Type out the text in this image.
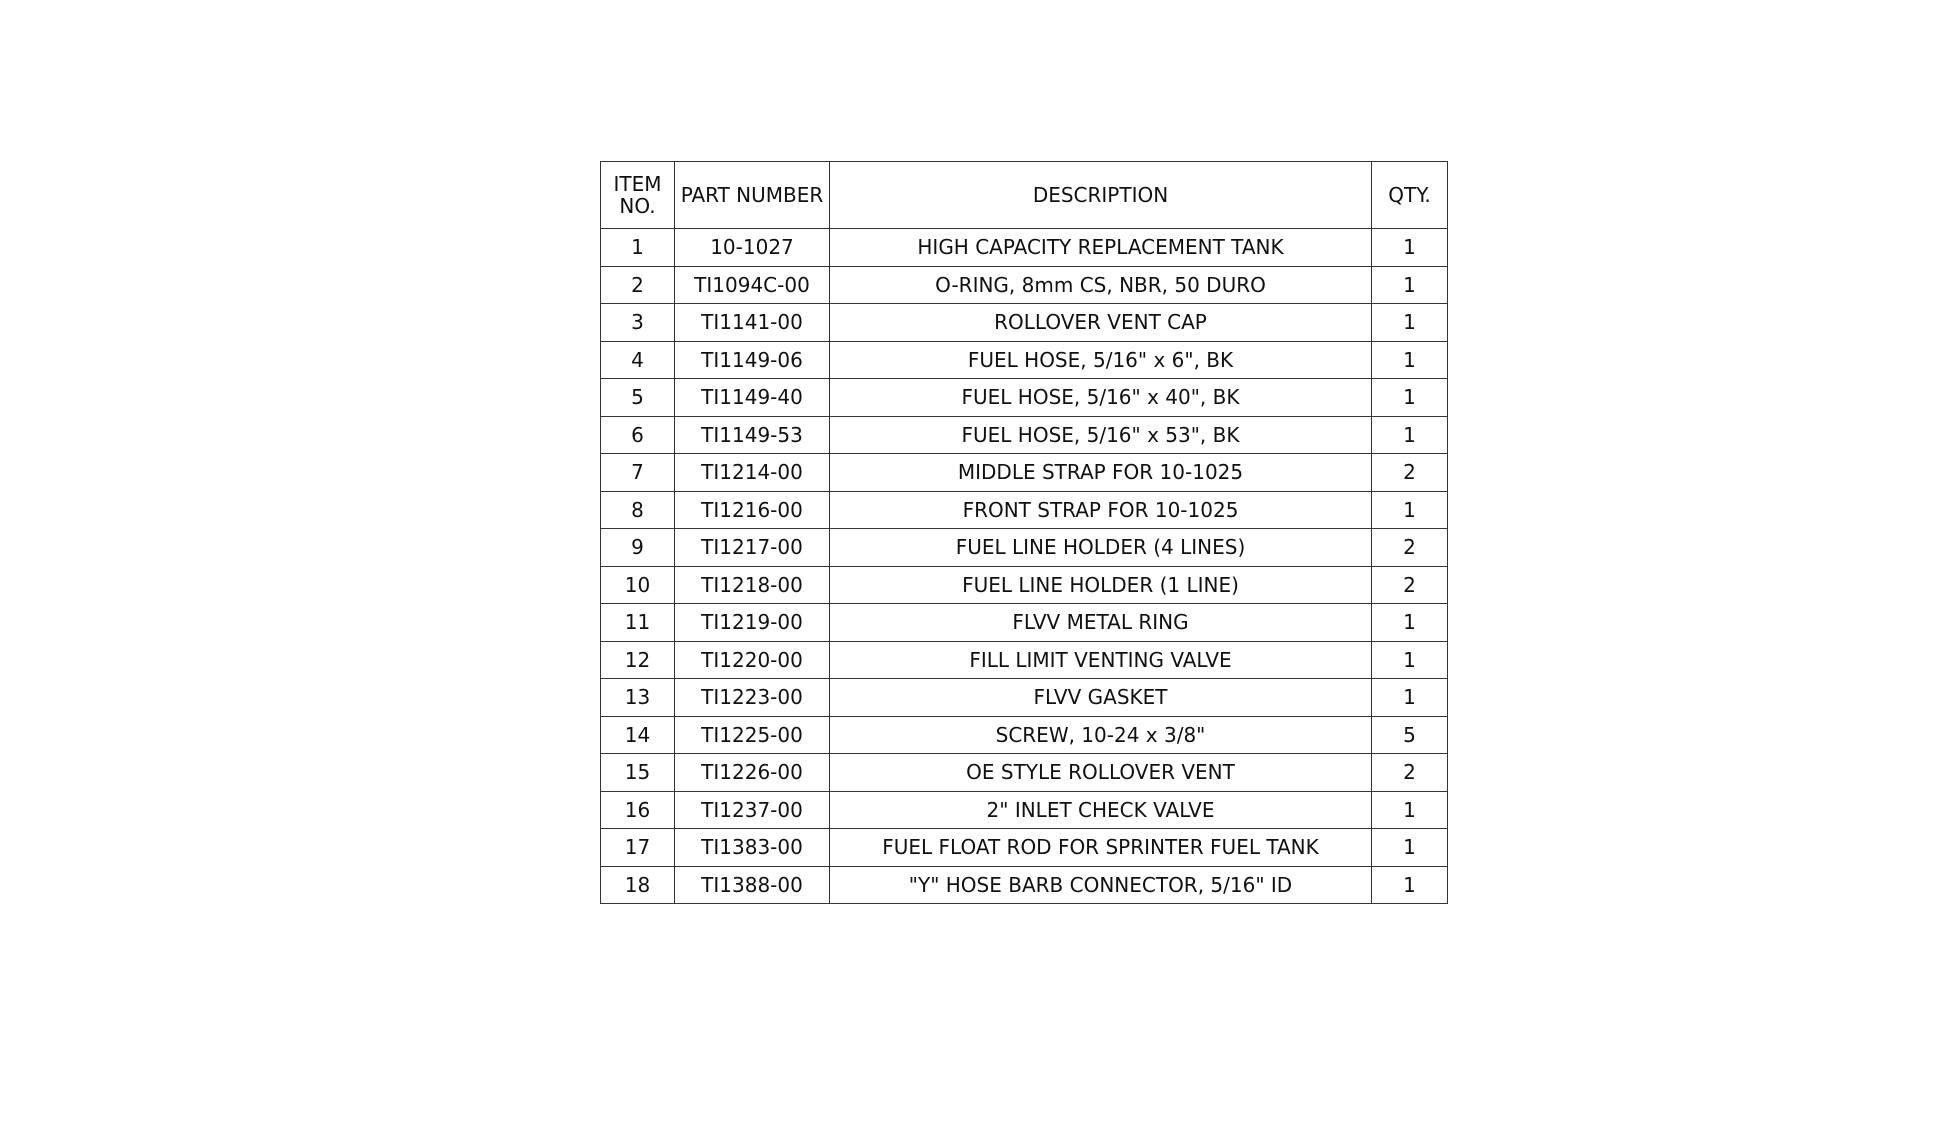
ITEM
NO.	PART NUMBER	DESCRIPTION	QTY.
1	10-1027	HIGH CAPACITY REPLACEMENT TANK	1
2	TI1094C-00	O-RING, 8mm CS, NBR, 50 DURO	1
3	TI1141-00	ROLLOVER VENT CAP	1
4	TI1149-06	FUEL HOSE, 5/16" x 6", BK	1
5	TI1149-40	FUEL HOSE, 5/16" x 40", BK	1
6	TI1149-53	FUEL HOSE, 5/16" x 53", BK	1
7	TI1214-00	MIDDLE STRAP FOR 10-1025	2
8	TI1216-00	FRONT STRAP FOR 10-1025	1
9	TI1217-00	FUEL LINE HOLDER (4 LINES)	2
10	TI1218-00	FUEL LINE HOLDER (1 LINE)	2
11	TI1219-00	FLVV METAL RING	1
12	TI1220-00	FILL LIMIT VENTING VALVE	1
13	TI1223-00	FLVV GASKET	1
14	TI1225-00	SCREW, 10-24 x 3/8"	5
15	TI1226-00	OE STYLE ROLLOVER VENT	2
16	TI1237-00	2" INLET CHECK VALVE	1
17	TI1383-00	FUEL FLOAT ROD FOR SPRINTER FUEL TANK	1
18	TI1388-00	"Y" HOSE BARB CONNECTOR, 5/16" ID	1
